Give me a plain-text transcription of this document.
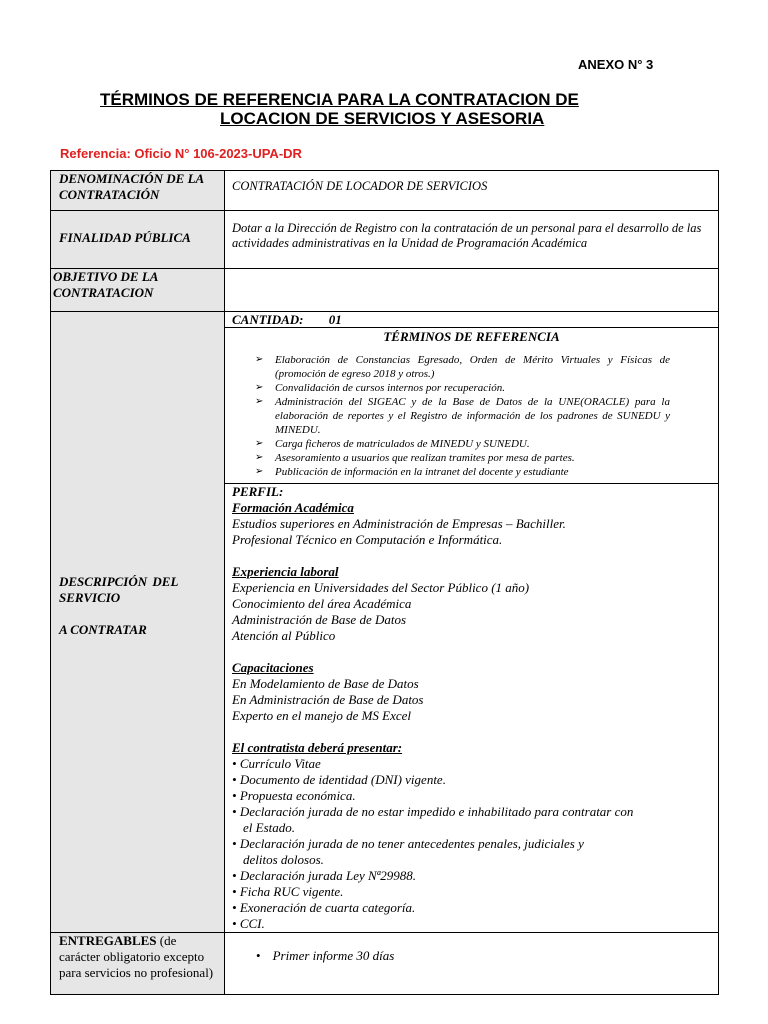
ANEXO N° 3
TÉRMINOS DE REFERENCIA PARA LA CONTRATACION DE
LOCACION DE SERVICIOS Y ASESORIA
Referencia: Oficio N° 106-2023-UPA-DR
DENOMINACIÓN DE LA CONTRATACIÓN
CONTRATACIÓN DE LOCADOR DE SERVICIOS
FINALIDAD PÚBLICA
Dotar a la Dirección de Registro con la contratación de un personal para el desarrollo de las actividades administrativas en la Unidad de Programación Académica
OBJETIVO DE LA CONTRATACION
DESCRIPCIÓN DEL SERVICIO
A CONTRATAR
CANTIDAD: 01
TÉRMINOS DE REFERENCIA
➢ Elaboración de Constancias Egresado, Orden de Mérito Virtuales y Físicas de (promoción de egreso 2018 y otros.)
➢ Convalidación de cursos internos por recuperación.
➢ Administración del SIGEAC y de la Base de Datos de la UNE(ORACLE) para la elaboración de reportes y el Registro de información de los padrones de SUNEDU y MINEDU.
➢ Carga ficheros de matriculados de MINEDU y SUNEDU.
➢ Asesoramiento a usuarios que realizan tramites por mesa de partes.
➢ Publicación de información en la intranet del docente y estudiante
PERFIL:
Formación Académica
Estudios superiores en Administración de Empresas – Bachiller.
Profesional Técnico en Computación e Informática.
Experiencia laboral
Experiencia en Universidades del Sector Público (1 año)
Conocimiento del área Académica
Administración de Base de Datos
Atención al Público
Capacitaciones
En Modelamiento de Base de Datos
En Administración de Base de Datos
Experto en el manejo de MS Excel
El contratista deberá presentar:
• Currículo Vitae
• Documento de identidad (DNI) vigente.
• Propuesta económica.
• Declaración jurada de no estar impedido e inhabilitado para contratar con
el Estado.
• Declaración jurada de no tener antecedentes penales, judiciales y
delitos dolosos.
• Declaración jurada Ley Nª29988.
• Ficha RUC vigente.
• Exoneración de cuarta categoría.
• CCI.
ENTREGABLES (de carácter obligatorio excepto para servicios no profesional)
• Primer informe 30 días
